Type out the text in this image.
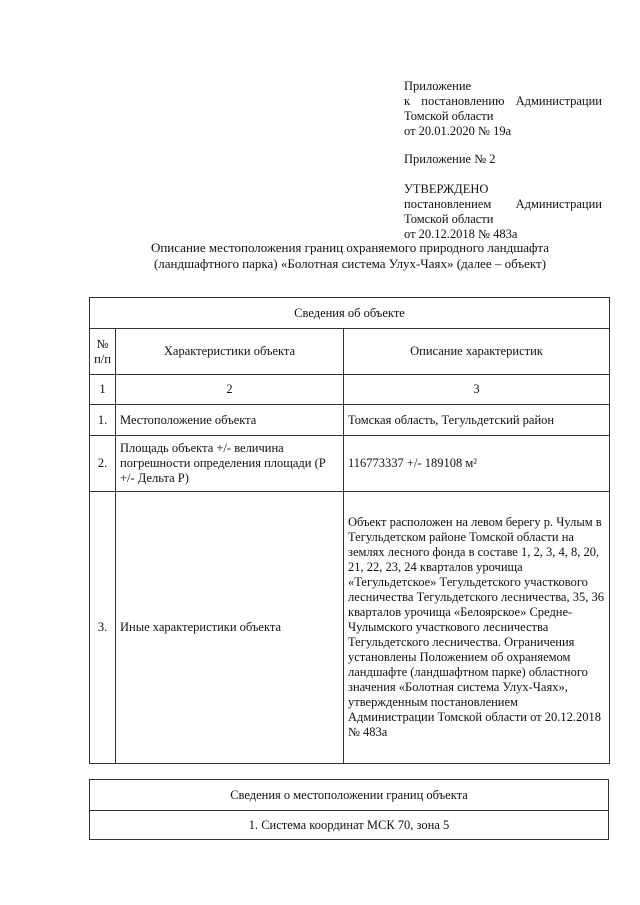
Приложение
к постановлению Администрации
Томской области
от 20.01.2020 № 19а
Приложение № 2
УТВЕРЖДЕНО
постановлением Администрации
Томской области
от 20.12.2018 № 483а
Описание местоположения границ охраняемого природного ландшафта
(ландшафтного парка) «Болотная система Улух-Чаях» (далее – объект)
Сведения об объекте		
№ п/п	Характеристики объекта	Описание характеристик
1	2	3
1.	Местоположение объекта	Томская область, Тегульдетский район
2.	Площадь объекта +/- величина погрешности определения площади (Р +/- Дельта Р)	116773337 +/- 189108 м²
3.	Иные характеристики объекта	Объект расположен на левом берегу р. Чулым в Тегульдетском районе Томской области на землях лесного фонда в составе 1, 2, 3, 4, 8, 20, 21, 22, 23, 24 кварталов урочища «Тегульдетское» Тегульдетского участкового лесничества Тегульдетского лесничества, 35, 36 кварталов урочища «Белоярское» Средне-Чулымского участкового лесничества Тегульдетского лесничества. Ограничения установлены Положением об охраняемом ландшафте (ландшафтном парке) областного значения «Болотная система Улух-Чаях», утвержденным постановлением Администрации Томской области от 20.12.2018 № 483а
Сведения о местоположении границ объекта
1. Система координат МСК 70, зона 5
